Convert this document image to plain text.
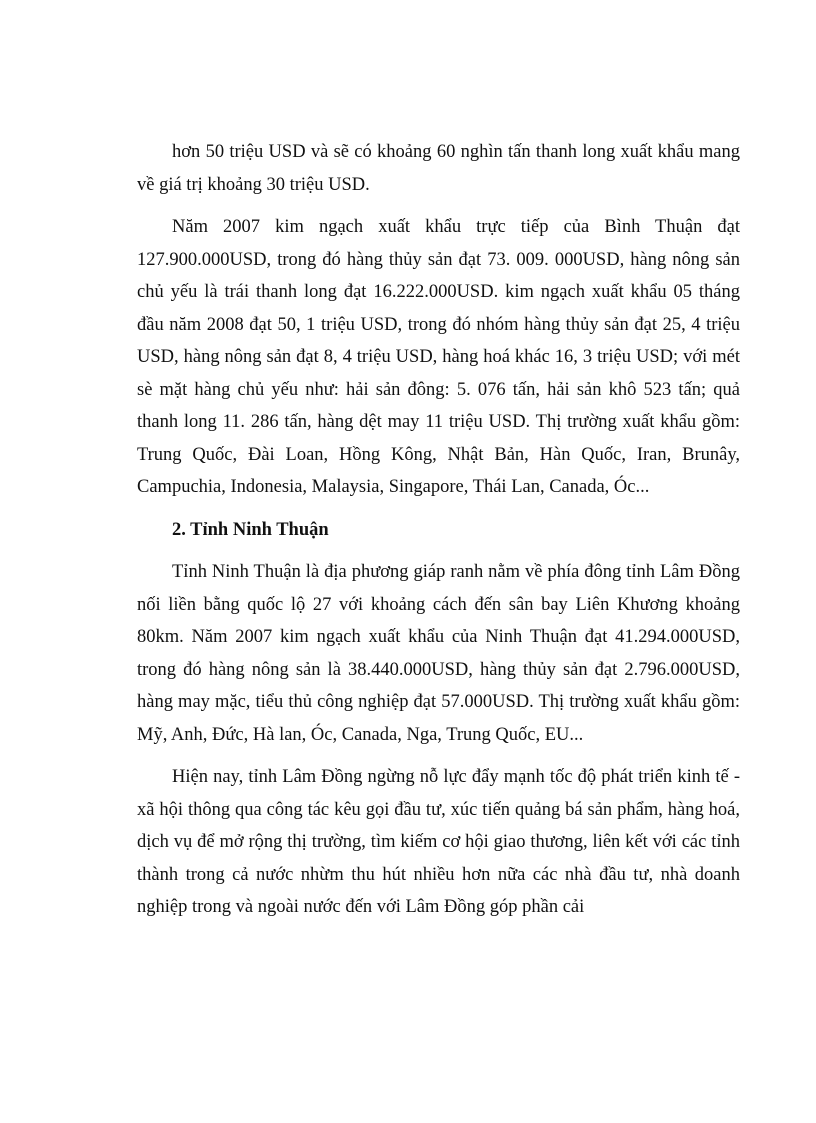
hơn 50 triệu USD và sẽ có khoảng 60 nghìn tấn thanh long xuất khẩu mang về giá trị khoảng 30 triệu USD.

Năm 2007 kim ngạch xuất khẩu trực tiếp của Bình Thuận đạt 127.900.000USD, trong đó hàng thủy sản đạt 73. 009. 000USD, hàng nông sản chủ yếu là trái thanh long đạt 16.222.000USD. kim ngạch xuất khẩu 05 tháng đầu năm 2008 đạt 50, 1 triệu USD, trong đó nhóm hàng thủy sản đạt 25, 4 triệu USD, hàng nông sản đạt 8, 4 triệu USD, hàng hoá khác 16, 3 triệu USD; với mét sè mặt hàng chủ yếu như: hải sản đông: 5. 076 tấn, hải sản khô 523 tấn; quả thanh long 11. 286 tấn, hàng dệt may 11 triệu USD. Thị trường xuất khẩu gồm: Trung Quốc, Đài Loan, Hồng Kông, Nhật Bản, Hàn Quốc, Iran, Brunây, Campuchia, Indonesia, Malaysia, Singapore, Thái Lan, Canada, Óc...

2. Tỉnh Ninh Thuận

Tỉnh Ninh Thuận là địa phương giáp ranh nằm về phía đông tỉnh Lâm Đồng nối liền bằng quốc lộ 27 với khoảng cách đến sân bay Liên Khương khoảng 80km. Năm 2007 kim ngạch xuất khẩu của Ninh Thuận đạt 41.294.000USD, trong đó hàng nông sản là 38.440.000USD, hàng thủy sản đạt 2.796.000USD, hàng may mặc, tiểu thủ công nghiệp đạt 57.000USD. Thị trường xuất khẩu gồm: Mỹ, Anh, Đức, Hà lan, Óc, Canada, Nga, Trung Quốc, EU...

Hiện nay, tỉnh Lâm Đồng ngừng nỗ lực đẩy mạnh tốc độ phát triển kinh tế - xã hội thông qua công tác kêu gọi đầu tư, xúc tiến quảng bá sản phẩm, hàng hoá, dịch vụ để mở rộng thị trường, tìm kiếm cơ hội giao thương, liên kết với các tỉnh thành trong cả nước nhừm thu hút nhiều hơn nữa các nhà đầu tư, nhà doanh nghiệp trong và ngoài nước đến với Lâm Đồng góp phần cải
